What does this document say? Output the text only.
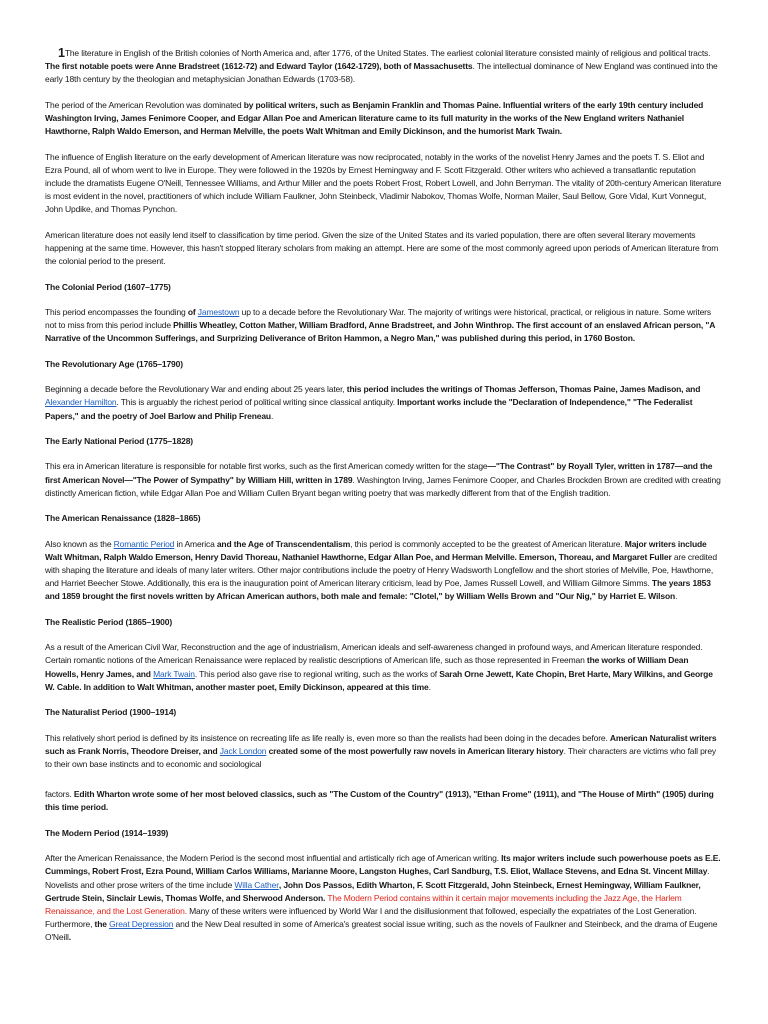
1The literature in English of the British colonies of North America and, after 1776, of the United States. The earliest colonial literature consisted mainly of religious and political tracts. The first notable poets were Anne Bradstreet (1612-72) and Edward Taylor (1642-1729), both of Massachusetts. The intellectual dominance of New England was continued into the early 18th century by the theologian and metaphysician Jonathan Edwards (1703-58).

The period of the American Revolution was dominated by political writers, such as Benjamin Franklin and Thomas Paine. Influential writers of the early 19th century included Washington Irving, James Fenimore Cooper, and Edgar Allan Poe and American literature came to its full maturity in the works of the New England writers Nathaniel Hawthorne, Ralph Waldo Emerson, and Herman Melville, the poets Walt Whitman and Emily Dickinson, and the humorist Mark Twain.

The influence of English literature on the early development of American literature was now reciprocated, notably in the works of the novelist Henry James and the poets T. S. Eliot and Ezra Pound, all of whom went to live in Europe. They were followed in the 1920s by Ernest Hemingway and F. Scott Fitzgerald. Other writers who achieved a transatlantic reputation include the dramatists Eugene O'Neill, Tennessee Williams, and Arthur Miller and the poets Robert Frost, Robert Lowell, and John Berryman. The vitality of 20th-century American literature is most evident in the novel, practitioners of which include William Faulkner, John Steinbeck, Vladimir Nabokov, Thomas Wolfe, Norman Mailer, Saul Bellow, Gore Vidal, Kurt Vonnegut, John Updike, and Thomas Pynchon.

American literature does not easily lend itself to classification by time period. Given the size of the United States and its varied population, there are often several literary movements happening at the same time. However, this hasn't stopped literary scholars from making an attempt. Here are some of the most commonly agreed upon periods of American literature from the colonial period to the present.

The Colonial Period (1607–1775)

This period encompasses the founding of Jamestown up to a decade before the Revolutionary War. The majority of writings were historical, practical, or religious in nature. Some writers not to miss from this period include Phillis Wheatley, Cotton Mather, William Bradford, Anne Bradstreet, and John Winthrop. The first account of an enslaved African person, "A Narrative of the Uncommon Sufferings, and Surprizing Deliverance of Briton Hammon, a Negro Man," was published during this period, in 1760 Boston.

The Revolutionary Age (1765–1790)

Beginning a decade before the Revolutionary War and ending about 25 years later, this period includes the writings of Thomas Jefferson, Thomas Paine, James Madison, and Alexander Hamilton. This is arguably the richest period of political writing since classical antiquity. Important works include the "Declaration of Independence," "The Federalist Papers," and the poetry of Joel Barlow and Philip Freneau.

The Early National Period (1775–1828)

This era in American literature is responsible for notable first works, such as the first American comedy written for the stage—"The Contrast" by Royall Tyler, written in 1787—and the first American Novel—"The Power of Sympathy" by William Hill, written in 1789. Washington Irving, James Fenimore Cooper, and Charles Brockden Brown are credited with creating distinctly American fiction, while Edgar Allan Poe and William Cullen Bryant began writing poetry that was markedly different from that of the English tradition.

The American Renaissance (1828–1865)

Also known as the Romantic Period in America and the Age of Transcendentalism, this period is commonly accepted to be the greatest of American literature. Major writers include Walt Whitman, Ralph Waldo Emerson, Henry David Thoreau, Nathaniel Hawthorne, Edgar Allan Poe, and Herman Melville. Emerson, Thoreau, and Margaret Fuller are credited with shaping the literature and ideals of many later writers. Other major contributions include the poetry of Henry Wadsworth Longfellow and the short stories of Melville, Poe, Hawthorne, and Harriet Beecher Stowe. Additionally, this era is the inauguration point of American literary criticism, lead by Poe, James Russell Lowell, and William Gilmore Simms. The years 1853 and 1859 brought the first novels written by African American authors, both male and female: "Clotel," by William Wells Brown and "Our Nig," by Harriet E. Wilson.

The Realistic Period (1865–1900)

As a result of the American Civil War, Reconstruction and the age of industrialism, American ideals and self-awareness changed in profound ways, and American literature responded. Certain romantic notions of the American Renaissance were replaced by realistic descriptions of American life, such as those represented in Freeman the works of William Dean Howells, Henry James, and Mark Twain. This period also gave rise to regional writing, such as the works of Sarah Orne Jewett, Kate Chopin, Bret Harte, Mary Wilkins, and George W. Cable. In addition to Walt Whitman, another master poet, Emily Dickinson, appeared at this time.

The Naturalist Period (1900–1914)

This relatively short period is defined by its insistence on recreating life as life really is, even more so than the realists had been doing in the decades before. American Naturalist writers such as Frank Norris, Theodore Dreiser, and Jack London created some of the most powerfully raw novels in American literary history. Their characters are victims who fall prey to their own base instincts and to economic and sociological

factors. Edith Wharton wrote some of her most beloved classics, such as "The Custom of the Country" (1913), "Ethan Frome" (1911), and "The House of Mirth" (1905) during this time period.

The Modern Period (1914–1939)

After the American Renaissance, the Modern Period is the second most influential and artistically rich age of American writing. Its major writers include such powerhouse poets as E.E. Cummings, Robert Frost, Ezra Pound, William Carlos Williams, Marianne Moore, Langston Hughes, Carl Sandburg, T.S. Eliot, Wallace Stevens, and Edna St. Vincent Millay. Novelists and other prose writers of the time include Willa Cather, John Dos Passos, Edith Wharton, F. Scott Fitzgerald, John Steinbeck, Ernest Hemingway, William Faulkner, Gertrude Stein, Sinclair Lewis, Thomas Wolfe, and Sherwood Anderson. The Modern Period contains within it certain major movements including the Jazz Age, the Harlem Renaissance, and the Lost Generation. Many of these writers were influenced by World War I and the disillusionment that followed, especially the expatriates of the Lost Generation. Furthermore, the Great Depression and the New Deal resulted in some of America's greatest social issue writing, such as the novels of Faulkner and Steinbeck, and the drama of Eugene O'Neill.
